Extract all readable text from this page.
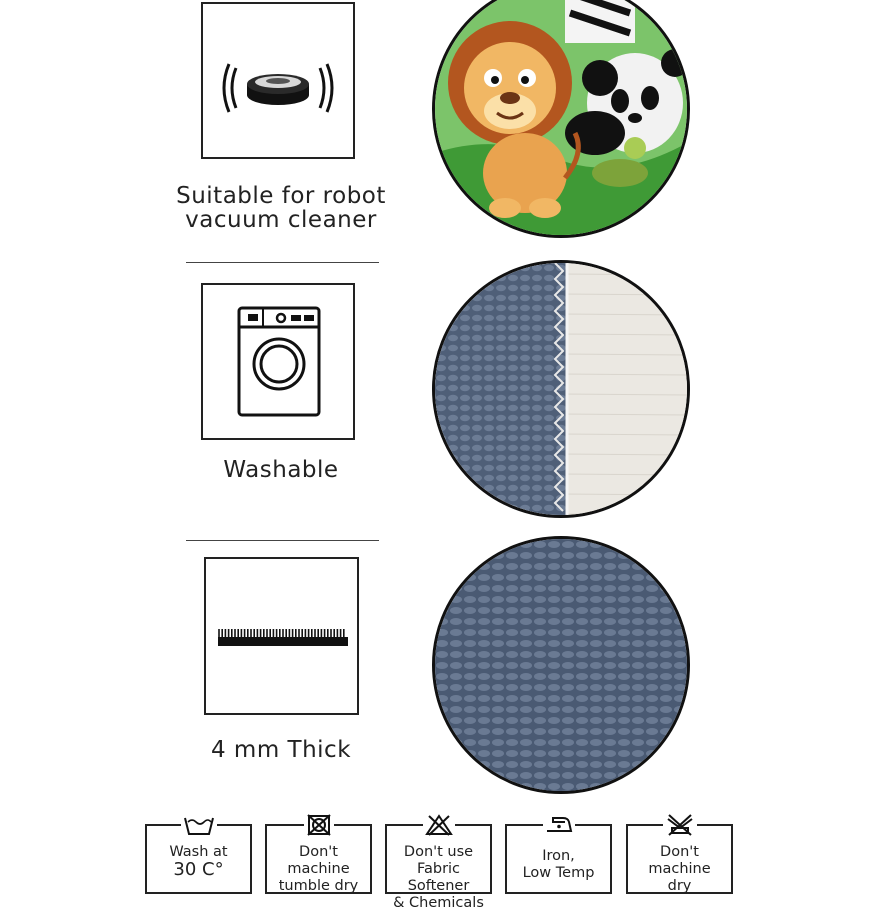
Suitable for robot
vacuum cleaner
Washable
4 mm Thick
Wash at
30 C°
Don't
machine
tumble dry
Don't use
Fabric Softener
& Chemicals
Iron,
Low Temp
Don't
machine
dry
